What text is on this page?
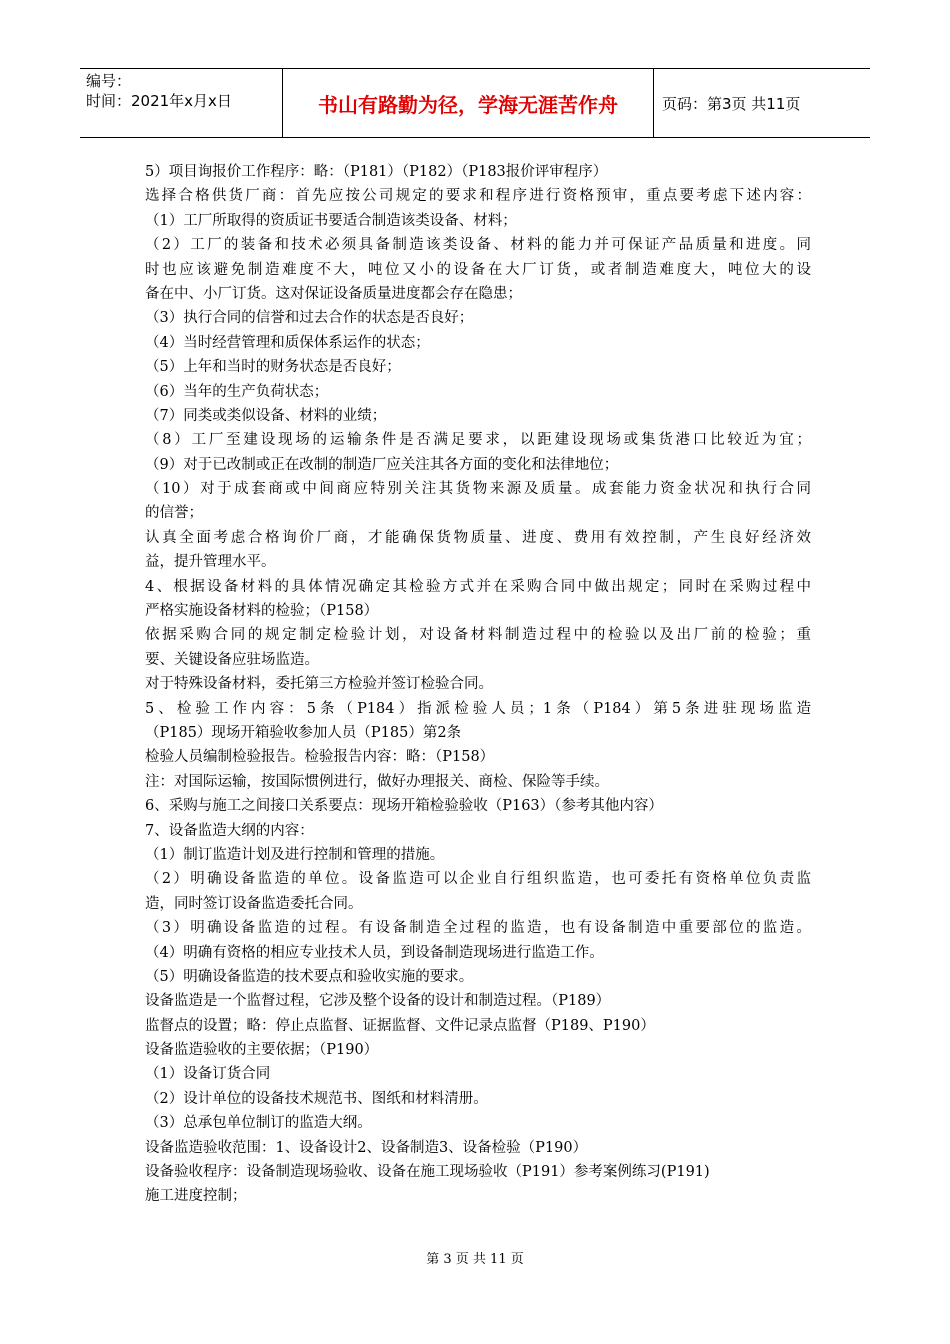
编号：
时间：2021年x月x日	书山有路勤为径，学海无涯苦作舟	页码：第3页 共11页
5）项目询报价工作程序：略：（P181）（P182）（P183报价评审程序）
选择合格供货厂商：首先应按公司规定的要求和程序进行资格预审，重点要考虑下述内容：
（1）工厂所取得的资质证书要适合制造该类设备、材料；
（2）工厂的装备和技术必须具备制造该类设备、材料的能力并可保证产品质量和进度。同
时也应该避免制造难度不大，吨位又小的设备在大厂订货，或者制造难度大，吨位大的设
备在中、小厂订货。这对保证设备质量进度都会存在隐患；
（3）执行合同的信誉和过去合作的状态是否良好；
（4）当时经营管理和质保体系运作的状态；
（5）上年和当时的财务状态是否良好；
（6）当年的生产负荷状态；
（7）同类或类似设备、材料的业绩；
（8）工厂至建设现场的运输条件是否满足要求，以距建设现场或集货港口比较近为宜；
（9）对于已改制或正在改制的制造厂应关注其各方面的变化和法律地位；
（10）对于成套商或中间商应特别关注其货物来源及质量。成套能力资金状况和执行合同
的信誉；
认真全面考虑合格询价厂商，才能确保货物质量、进度、费用有效控制，产生良好经济效
益，提升管理水平。
4、根据设备材料的具体情况确定其检验方式并在采购合同中做出规定；同时在采购过程中
严格实施设备材料的检验；（P158）
依据采购合同的规定制定检验计划，对设备材料制造过程中的检验以及出厂前的检验；重
要、关键设备应驻场监造。
对于特殊设备材料，委托第三方检验并签订检验合同。
5、检验工作内容：5条（P184）指派检验人员；1条（P184）第5条进驻现场监造
（P185）现场开箱验收参加人员（P185）第2条
检验人员编制检验报告。检验报告内容：略：（P158）
注：对国际运输，按国际惯例进行，做好办理报关、商检、保险等手续。
6、采购与施工之间接口关系要点：现场开箱检验验收（P163）（参考其他内容）
7、设备监造大纲的内容：
（1）制订监造计划及进行控制和管理的措施。
（2）明确设备监造的单位。设备监造可以企业自行组织监造，也可委托有资格单位负责监
造，同时签订设备监造委托合同。
（3）明确设备监造的过程。有设备制造全过程的监造，也有设备制造中重要部位的监造。
（4）明确有资格的相应专业技术人员，到设备制造现场进行监造工作。
（5）明确设备监造的技术要点和验收实施的要求。
设备监造是一个监督过程，它涉及整个设备的设计和制造过程。（P189）
监督点的设置；略：停止点监督、证据监督、文件记录点监督（P189、P190）
设备监造验收的主要依据；（P190）
（1）设备订货合同
（2）设计单位的设备技术规范书、图纸和材料清册。
（3）总承包单位制订的监造大纲。
设备监造验收范围：1、设备设计2、设备制造3、设备检验（P190）
设备验收程序：设备制造现场验收、设备在施工现场验收（P191）参考案例练习(P191)
施工进度控制；
第 3 页 共 11 页
